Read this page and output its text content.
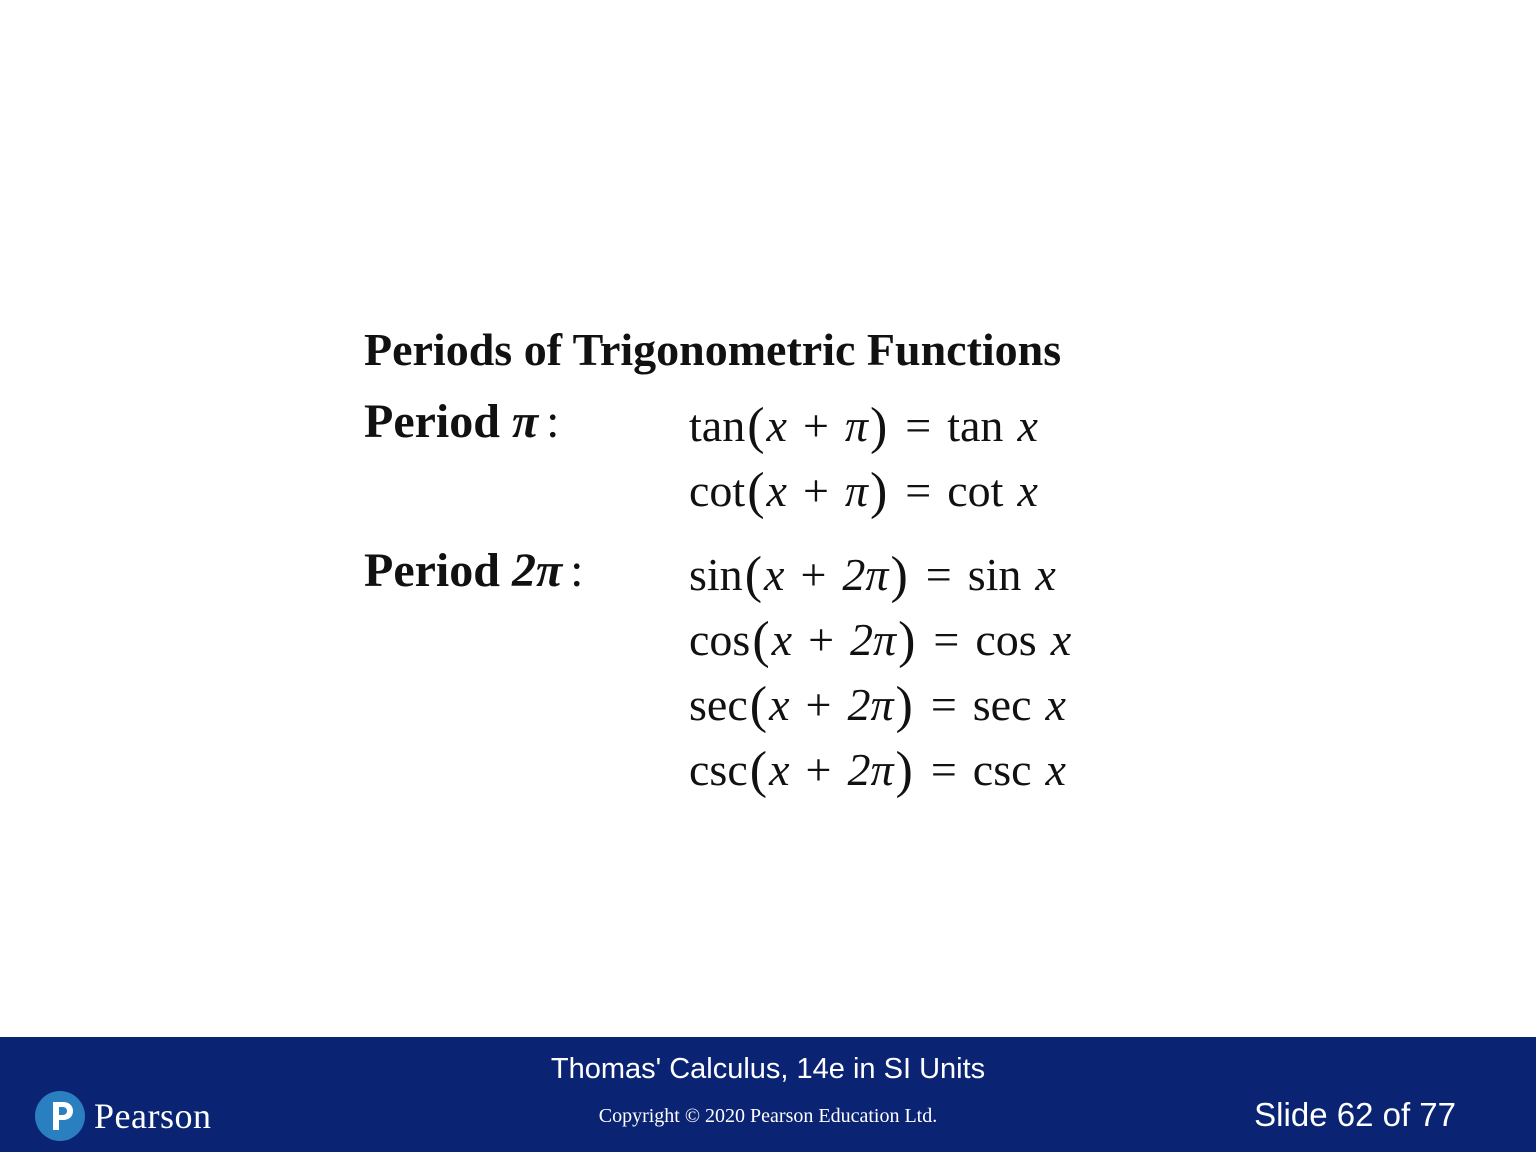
Periods of Trigonometric Functions
Period π :	tan(x + π) = tan x
cot(x + π) = cot x
Period 2π : sin(x + 2π) = sin x
cos(x + 2π) = cos x
sec(x + 2π) = sec x
csc(x + 2π) = csc x
Pearson
Thomas' Calculus, 14e in SI Units
Copyright © 2020 Pearson Education Ltd.	Slide 62 of 77
